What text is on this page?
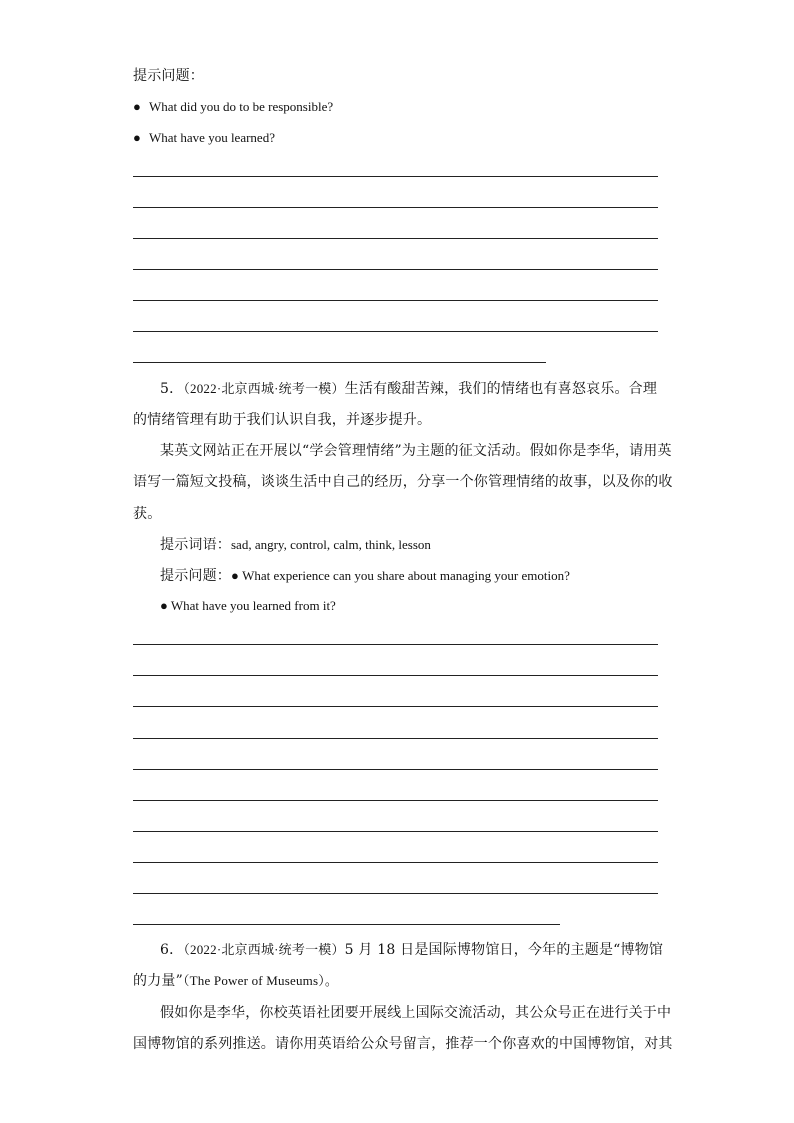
提示问题：
● What did you do to be responsible?
● What have you learned?
5．（2022·北京西城·统考一模）生活有酸甜苦辣，我们的情绪也有喜怒哀乐。合理
的情绪管理有助于我们认识自我，并逐步提升。
某英文网站正在开展以“学会管理情绪”为主题的征文活动。假如你是李华，请用英
语写一篇短文投稿，谈谈生活中自己的经历，分享一个你管理情绪的故事，以及你的收
获。
提示词语：sad, angry, control, calm, think, lesson
提示问题：● What experience can you share about managing your emotion?
● What have you learned from it?
6．（2022·北京西城·统考一模）5 月 18 日是国际博物馆日，今年的主题是“博物馆
的力量”（The Power of Museums）。
假如你是李华，你校英语社团要开展线上国际交流活动，其公众号正在进行关于中
国博物馆的系列推送。请你用英语给公众号留言，推荐一个你喜欢的中国博物馆，对其
